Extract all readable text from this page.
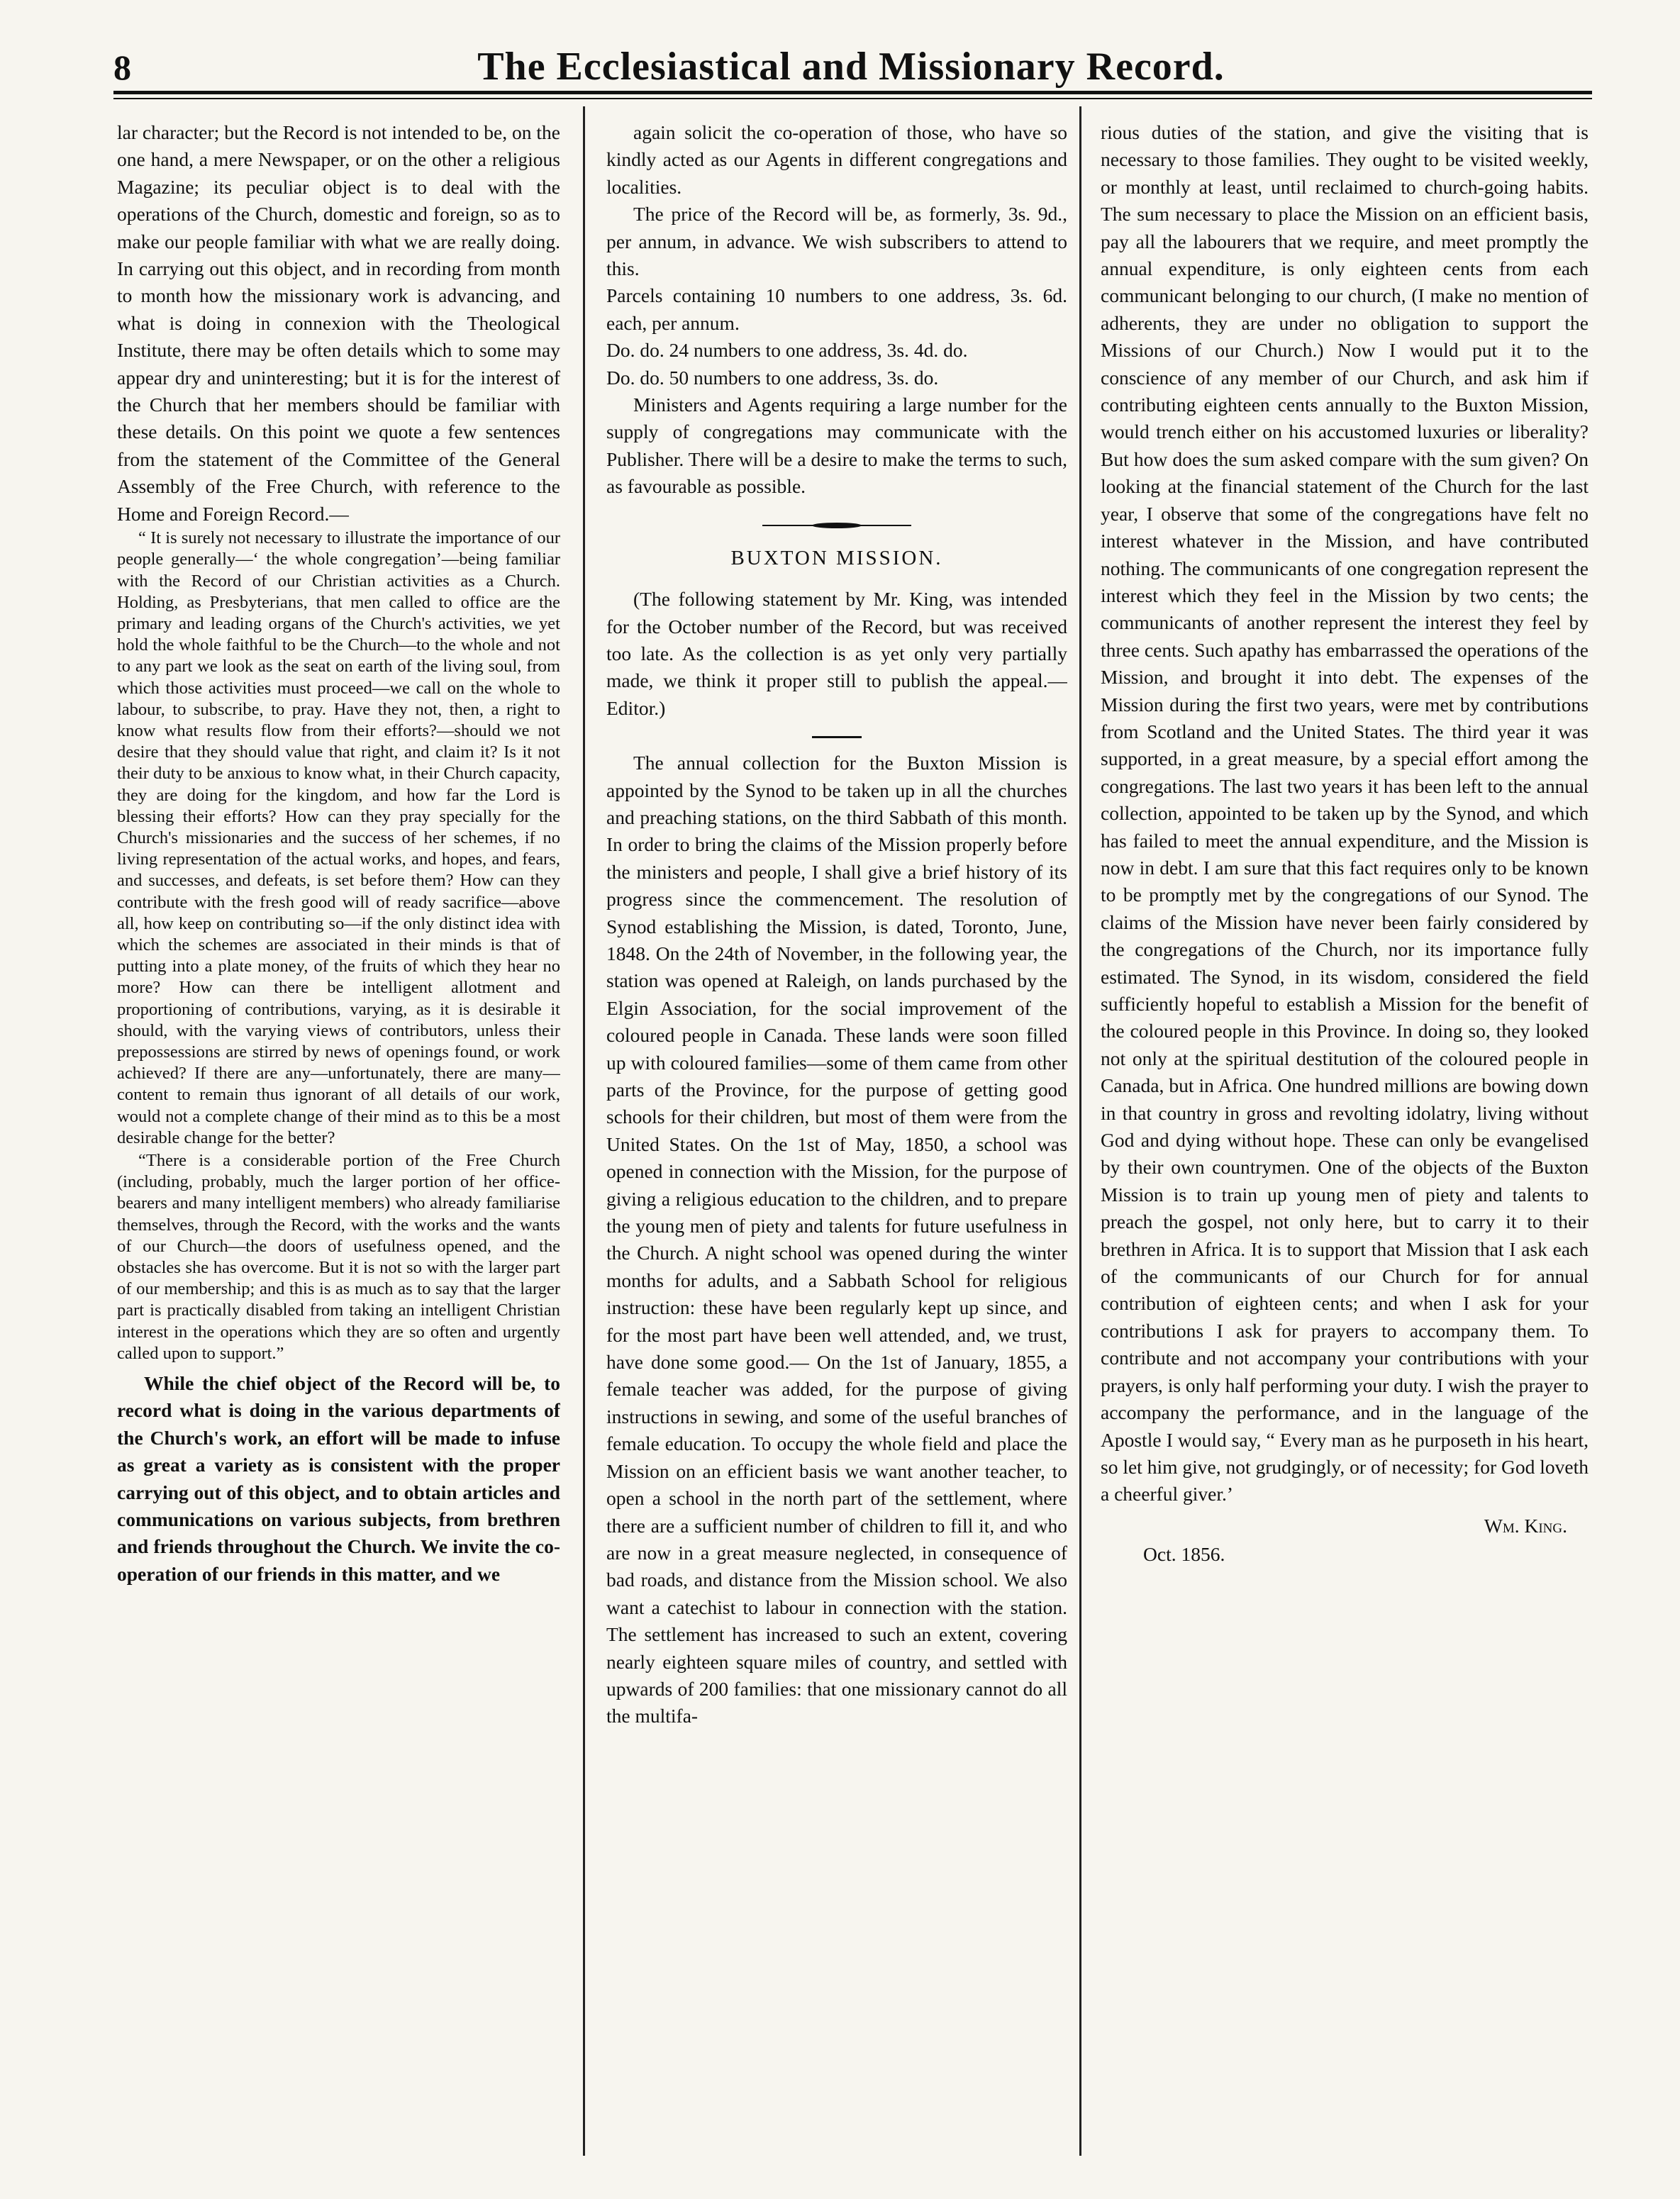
8	The Ecclesiastical and Missionary Record.

lar character; but the Record is not intended to be, on the one hand, a mere Newspaper, or on the other a religious Magazine; its peculiar object is to deal with the operations of the Church, domestic and foreign, so as to make our people familiar with what we are really doing. In carrying out this object, and in recording from month to month how the missionary work is advancing, and what is doing in connexion with the Theological Institute, there may be often details which to some may appear dry and uninteresting; but it is for the interest of the Church that her members should be familiar with these details. On this point we quote a few sentences from the statement of the Committee of the General Assembly of the Free Church, with reference to the Home and Foreign Record.—

“ It is surely not necessary to illustrate the importance of our people generally—‘ the whole congregation’—being familiar with the Record of our Christian activities as a Church. Holding, as Presbyterians, that men called to office are the primary and leading organs of the Church's activities, we yet hold the whole faithful to be the Church—to the whole and not to any part we look as the seat on earth of the living soul, from which those activities must proceed—we call on the whole to labour, to subscribe, to pray. Have they not, then, a right to know what results flow from their efforts?—should we not desire that they should value that right, and claim it? Is it not their duty to be anxious to know what, in their Church capacity, they are doing for the kingdom, and how far the Lord is blessing their efforts? How can they pray specially for the Church's missionaries and the success of her schemes, if no living representation of the actual works, and hopes, and fears, and successes, and defeats, is set before them? How can they contribute with the fresh good will of ready sacrifice—above all, how keep on contributing so—if the only distinct idea with which the schemes are associated in their minds is that of putting into a plate money, of the fruits of which they hear no more? How can there be intelligent allotment and proportioning of contributions, varying, as it is desirable it should, with the varying views of contributors, unless their prepossessions are stirred by news of openings found, or work achieved? If there are any—unfortunately, there are many—content to remain thus ignorant of all details of our work, would not a complete change of their mind as to this be a most desirable change for the better?

“There is a considerable portion of the Free Church (including, probably, much the larger portion of her office-bearers and many intelligent members) who already familiarise themselves, through the Record, with the works and the wants of our Church—the doors of usefulness opened, and the obstacles she has overcome. But it is not so with the larger part of our membership; and this is as much as to say that the larger part is practically disabled from taking an intelligent Christian interest in the operations which they are so often and urgently called upon to support.”

While the chief object of the Record will be, to record what is doing in the various departments of the Church's work, an effort will be made to infuse as great a variety as is consistent with the proper carrying out of this object, and to obtain articles and communications on various subjects, from brethren and friends throughout the Church. We invite the co-operation of our friends in this matter, and we

again solicit the co-operation of those, who have so kindly acted as our Agents in different congregations and localities.

The price of the Record will be, as formerly, 3s. 9d., per annum, in advance. We wish subscribers to attend to this.

Parcels containing 10 numbers to one address, 3s. 6d. each, per annum.

Do. do. 24 numbers to one address, 3s. 4d. do.

Do. do. 50 numbers to one address, 3s. do.

Ministers and Agents requiring a large number for the supply of congregations may communicate with the Publisher. There will be a desire to make the terms to such, as favourable as possible.

BUXTON MISSION.

(The following statement by Mr. King, was intended for the October number of the Record, but was received too late. As the collection is as yet only very partially made, we think it proper still to publish the appeal.—Editor.)

The annual collection for the Buxton Mission is appointed by the Synod to be taken up in all the churches and preaching stations, on the third Sabbath of this month. In order to bring the claims of the Mission properly before the ministers and people, I shall give a brief history of its progress since the commencement. The resolution of Synod establishing the Mission, is dated, Toronto, June, 1848. On the 24th of November, in the following year, the station was opened at Raleigh, on lands purchased by the Elgin Association, for the social improvement of the coloured people in Canada. These lands were soon filled up with coloured families—some of them came from other parts of the Province, for the purpose of getting good schools for their children, but most of them were from the United States. On the 1st of May, 1850, a school was opened in connection with the Mission, for the purpose of giving a religious education to the children, and to prepare the young men of piety and talents for future usefulness in the Church. A night school was opened during the winter months for adults, and a Sabbath School for religious instruction: these have been regularly kept up since, and for the most part have been well attended, and, we trust, have done some good.— On the 1st of January, 1855, a female teacher was added, for the purpose of giving instructions in sewing, and some of the useful branches of female education. To occupy the whole field and place the Mission on an efficient basis we want another teacher, to open a school in the north part of the settlement, where there are a sufficient number of children to fill it, and who are now in a great measure neglected, in consequence of bad roads, and distance from the Mission school. We also want a catechist to labour in connection with the station. The settlement has increased to such an extent, covering nearly eighteen square miles of country, and settled with upwards of 200 families: that one missionary cannot do all the multifa-

rious duties of the station, and give the visiting that is necessary to those families. They ought to be visited weekly, or monthly at least, until reclaimed to church-going habits. The sum necessary to place the Mission on an efficient basis, pay all the labourers that we require, and meet promptly the annual expenditure, is only eighteen cents from each communicant belonging to our church, (I make no mention of adherents, they are under no obligation to support the Missions of our Church.) Now I would put it to the conscience of any member of our Church, and ask him if contributing eighteen cents annually to the Buxton Mission, would trench either on his accustomed luxuries or liberality? But how does the sum asked compare with the sum given? On looking at the financial statement of the Church for the last year, I observe that some of the congregations have felt no interest whatever in the Mission, and have contributed nothing. The communicants of one congregation represent the interest which they feel in the Mission by two cents; the communicants of another represent the interest they feel by three cents. Such apathy has embarrassed the operations of the Mission, and brought it into debt. The expenses of the Mission during the first two years, were met by contributions from Scotland and the United States. The third year it was supported, in a great measure, by a special effort among the congregations. The last two years it has been left to the annual collection, appointed to be taken up by the Synod, and which has failed to meet the annual expenditure, and the Mission is now in debt. I am sure that this fact requires only to be known to be promptly met by the congregations of our Synod. The claims of the Mission have never been fairly considered by the congregations of the Church, nor its importance fully estimated. The Synod, in its wisdom, considered the field sufficiently hopeful to establish a Mission for the benefit of the coloured people in this Province. In doing so, they looked not only at the spiritual destitution of the coloured people in Canada, but in Africa. One hundred millions are bowing down in that country in gross and revolting idolatry, living without God and dying without hope. These can only be evangelised by their own countrymen. One of the objects of the Buxton Mission is to train up young men of piety and talents to preach the gospel, not only here, but to carry it to their brethren in Africa. It is to support that Mission that I ask each of the communicants of our Church for for annual contribution of eighteen cents; and when I ask for your contributions I ask for prayers to accompany them. To contribute and not accompany your contributions with your prayers, is only half performing your duty. I wish the prayer to accompany the performance, and in the language of the Apostle I would say, “ Every man as he purposeth in his heart, so let him give, not grudgingly, or of necessity; for God loveth a cheerful giver.’

Wm. King.

Oct. 1856.
